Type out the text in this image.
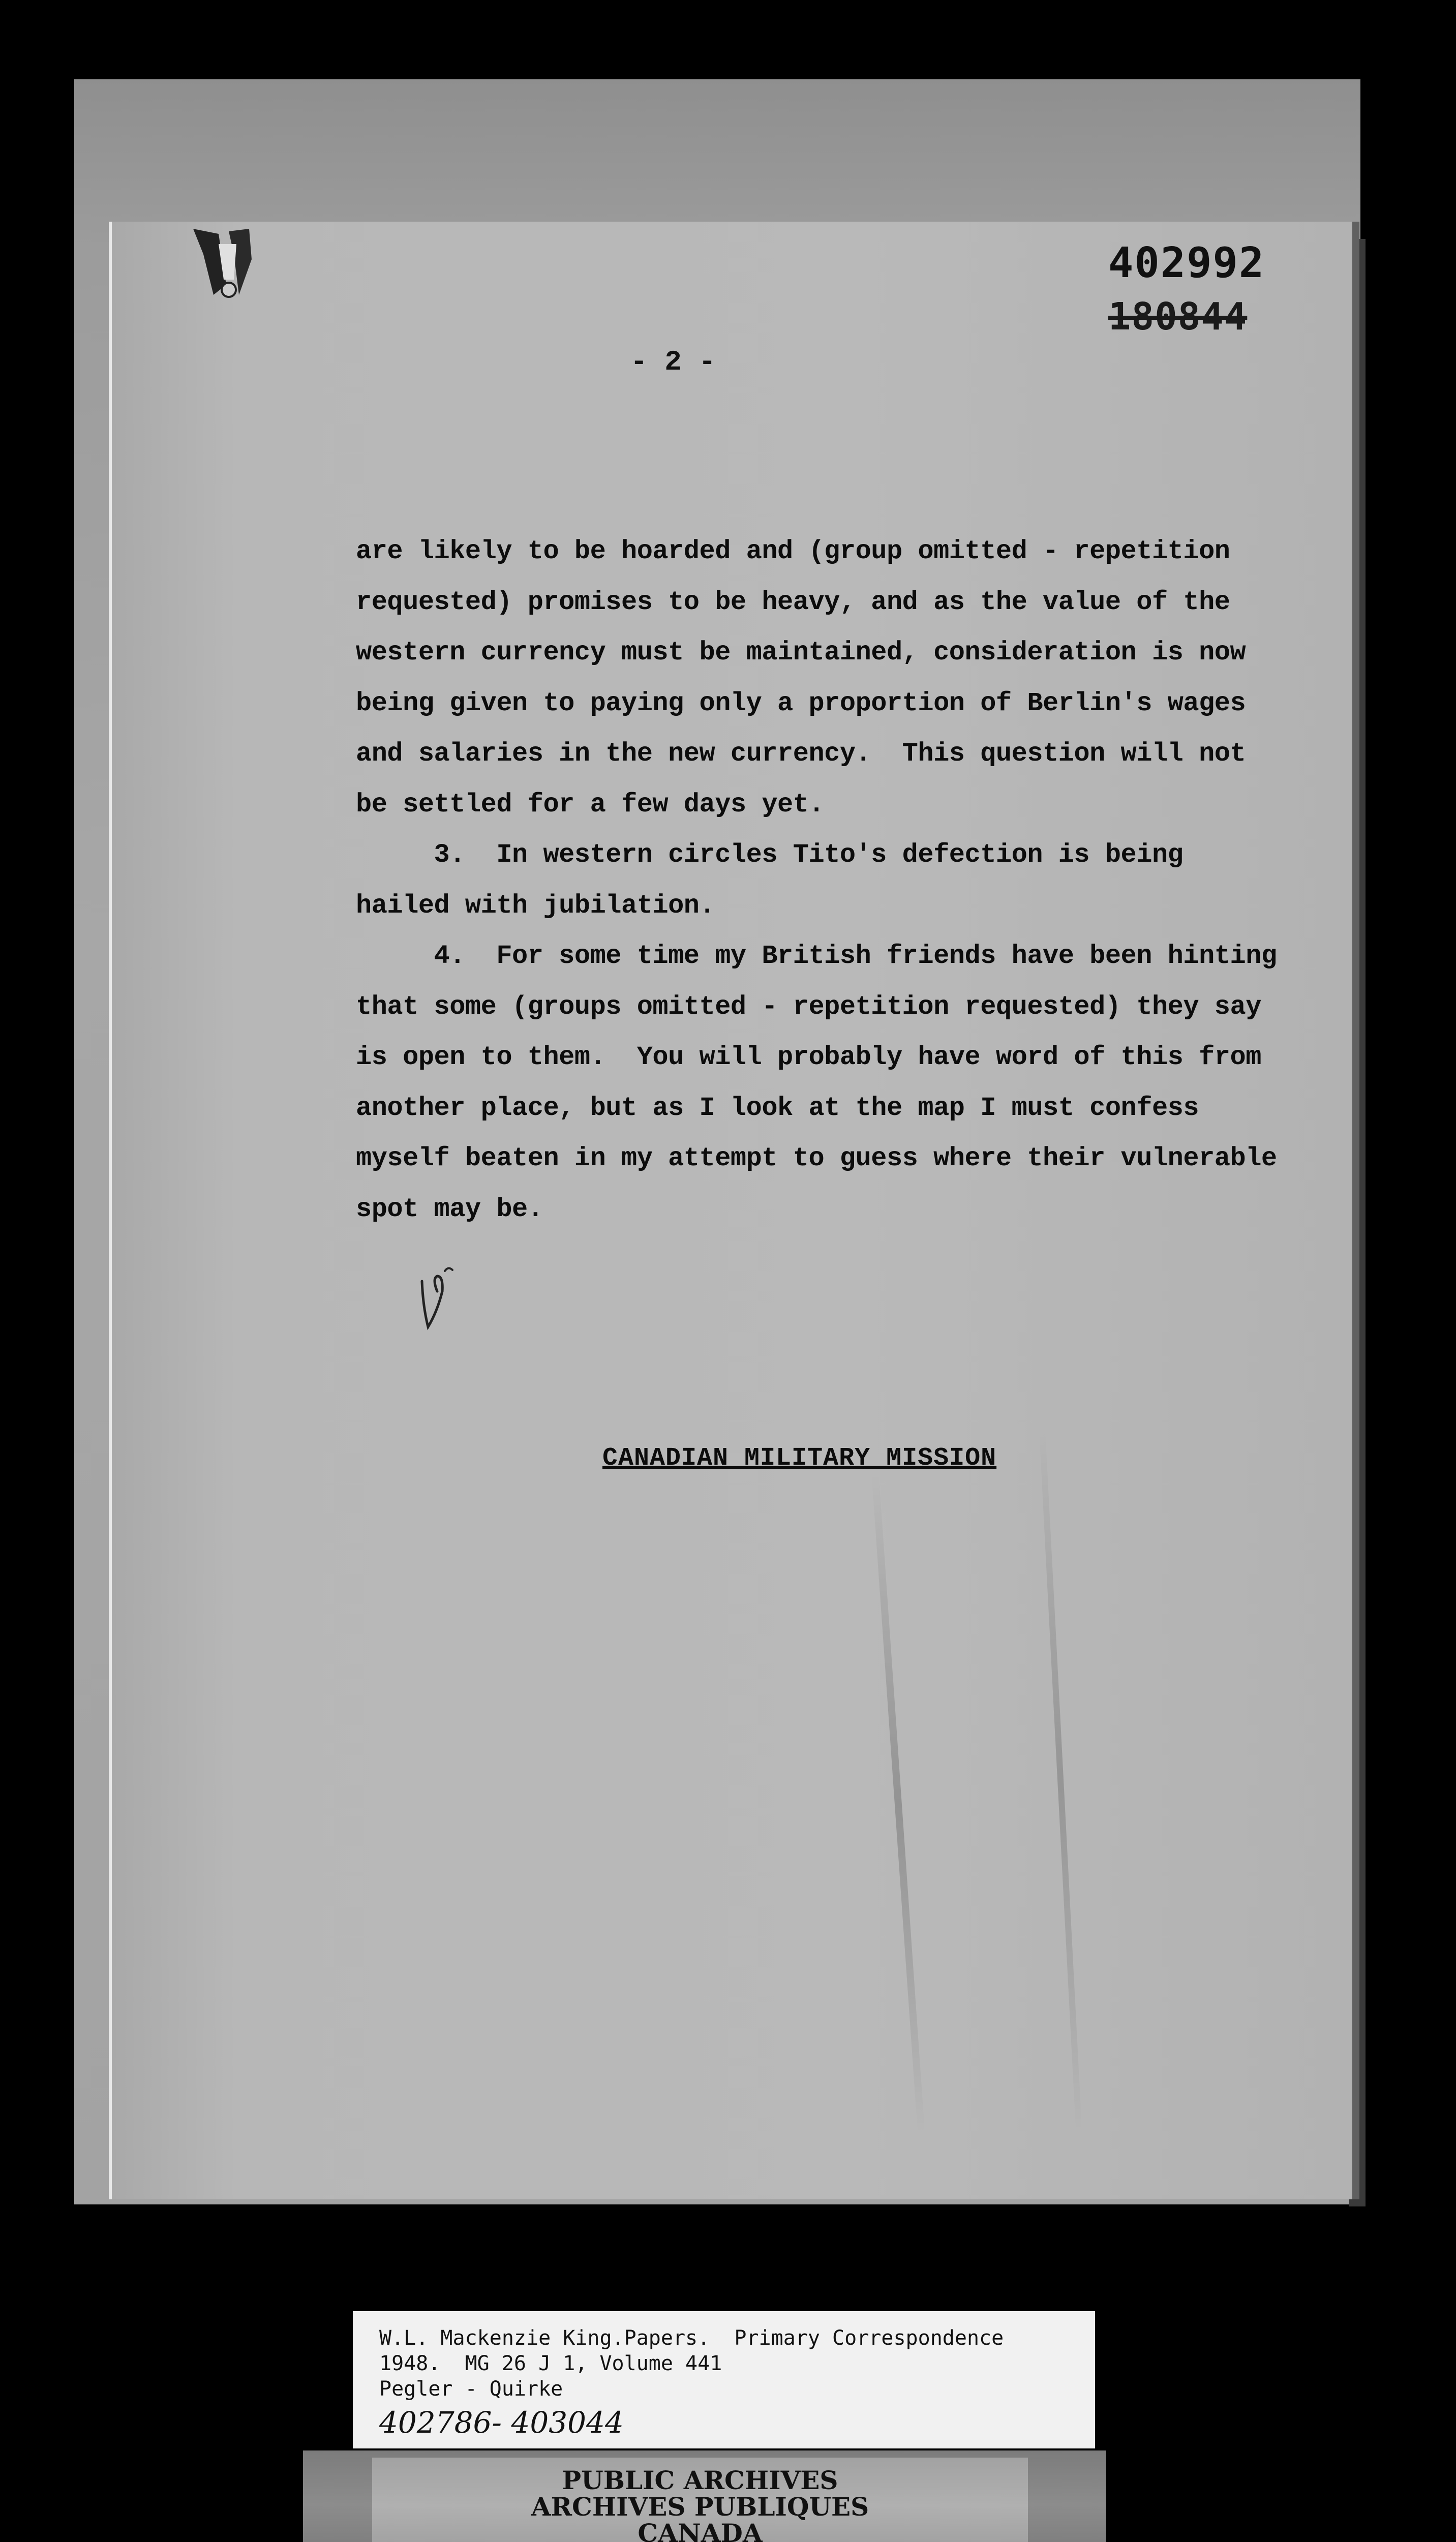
402992
180844
- 2 -
are likely to be hoarded and (group omitted - repetition
requested) promises to be heavy, and as the value of the
western currency must be maintained, consideration is now
being given to paying only a proportion of Berlin's wages
and salaries in the new currency.  This question will not
be settled for a few days yet.
3.  In western circles Tito's defection is being
hailed with jubilation.
4.  For some time my British friends have been hinting
that some (groups omitted - repetition requested) they say
is open to them.  You will probably have word of this from
another place, but as I look at the map I must confess
myself beaten in my attempt to guess where their vulnerable
spot may be.
CANADIAN MILITARY MISSION
W.L. Mackenzie King.Papers.  Primary Correspondence
1948.  MG 26 J 1, Volume 441
Pegler - Quirke
402786- 403044
PUBLIC ARCHIVES
ARCHIVES PUBLIQUES
CANADA
